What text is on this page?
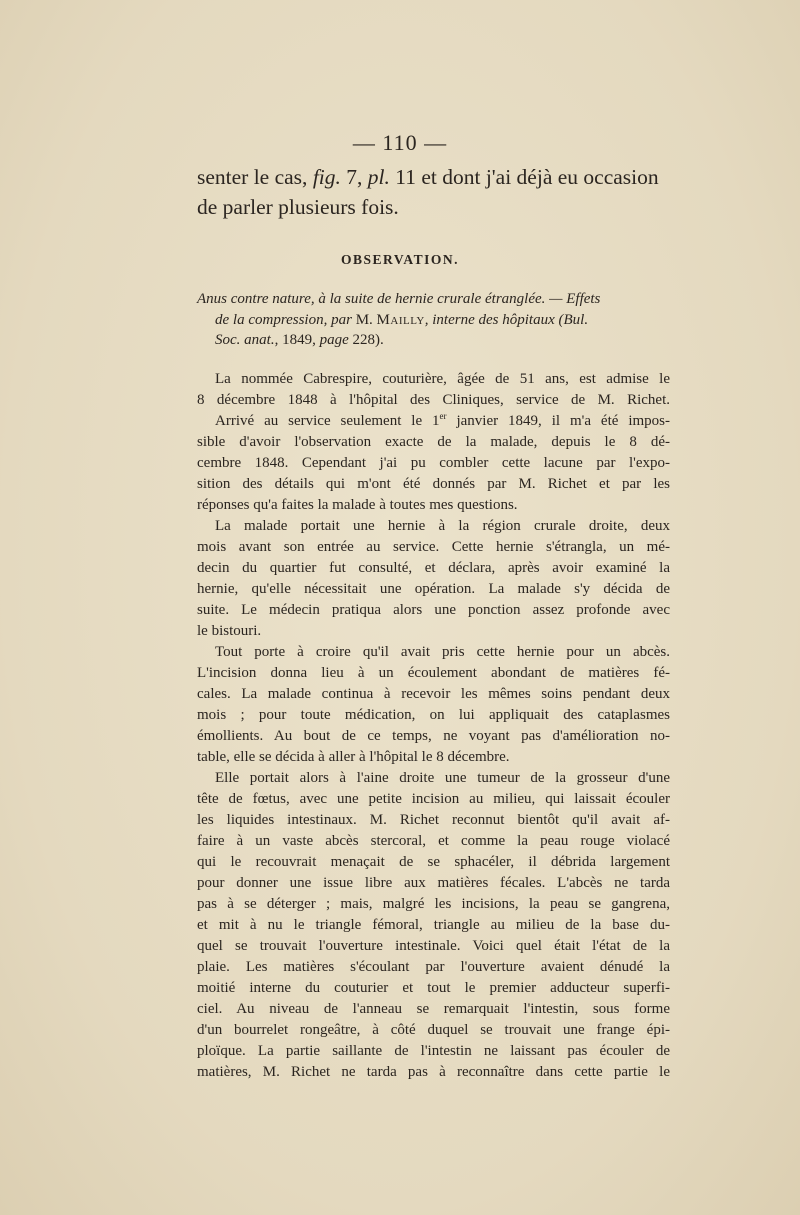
— 110 —
senter le cas, fig. 7, pl. 11 et dont j'ai déjà eu occasion
de parler plusieurs fois.
OBSERVATION.

Anus contre nature, à la suite de hernie crurale étranglée. — Effets

de la compression, par M. Mailly, interne des hôpitaux (Bul.

Soc. anat., 1849, page 228).

La nommée Cabrespire, couturière, âgée de 51 ans, est admise le
8 décembre 1848 à l'hôpital des Cliniques, service de M. Richet.
Arrivé au service seulement le 1er janvier 1849, il m'a été impos-
sible d'avoir l'observation exacte de la malade, depuis le 8 dé-
cembre 1848. Cependant j'ai pu combler cette lacune par l'expo-
sition des détails qui m'ont été donnés par M. Richet et par les
réponses qu'a faites la malade à toutes mes questions.
La malade portait une hernie à la région crurale droite, deux
mois avant son entrée au service. Cette hernie s'étrangla, un mé-
decin du quartier fut consulté, et déclara, après avoir examiné la
hernie, qu'elle nécessitait une opération. La malade s'y décida de
suite. Le médecin pratiqua alors une ponction assez profonde avec
le bistouri.
Tout porte à croire qu'il avait pris cette hernie pour un abcès.
L'incision donna lieu à un écoulement abondant de matières fé-
cales. La malade continua à recevoir les mêmes soins pendant deux
mois ; pour toute médication, on lui appliquait des cataplasmes
émollients. Au bout de ce temps, ne voyant pas d'amélioration no-
table, elle se décida à aller à l'hôpital le 8 décembre.
Elle portait alors à l'aine droite une tumeur de la grosseur d'une
tête de fœtus, avec une petite incision au milieu, qui laissait écouler
les liquides intestinaux. M. Richet reconnut bientôt qu'il avait af-
faire à un vaste abcès stercoral, et comme la peau rouge violacé
qui le recouvrait menaçait de se sphacéler, il débrida largement
pour donner une issue libre aux matières fécales. L'abcès ne tarda
pas à se déterger ; mais, malgré les incisions, la peau se gangrena,
et mit à nu le triangle fémoral, triangle au milieu de la base du-
quel se trouvait l'ouverture intestinale. Voici quel était l'état de la
plaie. Les matières s'écoulant par l'ouverture avaient dénudé la
moitié interne du couturier et tout le premier adducteur superfi-
ciel. Au niveau de l'anneau se remarquait l'intestin, sous forme
d'un bourrelet rongeâtre, à côté duquel se trouvait une frange épi-
ploïque. La partie saillante de l'intestin ne laissant pas écouler de
matières, M. Richet ne tarda pas à reconnaître dans cette partie le
